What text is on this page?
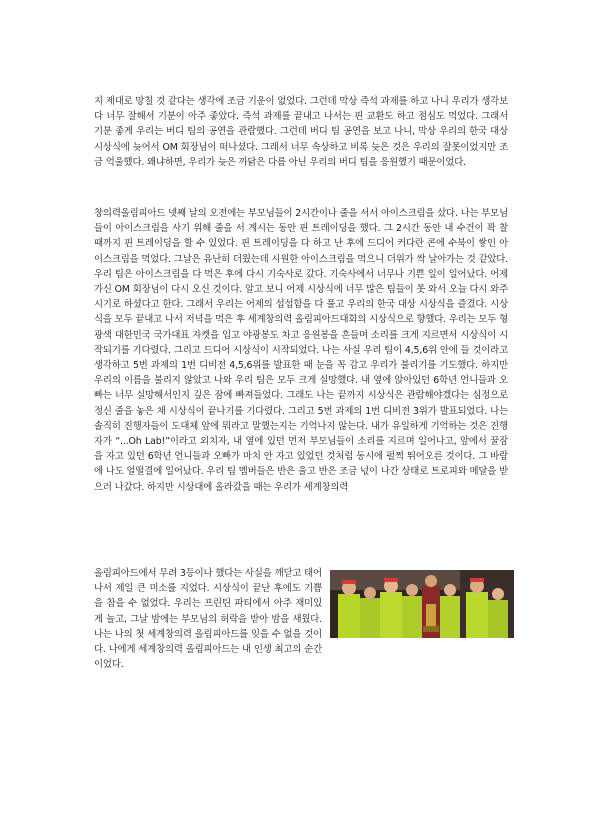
지 제대로 망칠 것 같다는 생각에 조금 기운이 없었다. 그런데 막상 즉석 과제를 하고 나니 우리가 생각보다 너무 잘해서 기분이 아주 좋았다. 즉석 과제를 끝내고 나서는 핀 교환도 하고 점심도 먹었다. 그래서 기분 좋게 우리는 버디 팀의 공연을 관람했다. 그런데 버디 팀 공연을 보고 나니, 막상 우리의 한국 대상 시상식에 늦어서 OM 회장님이 떠나셨다. 그래서 너무 속상하고 비록 늦은 것은 우리의 잘못이었지만 조금 억울했다. 왜냐하면, 우리가 늦은 까닭은 다름 아닌 우리의 버디 팀을 응원했기 때문이었다.
창의력올림피아드 넷째 날의 오전에는 부모님들이 2시간이나 줄을 서서 아이스크림을 샀다. 나는 부모님들이 아이스크림을 사기 위해 줄을 서 계시는 동안 핀 트레이딩을 했다. 그 2시간 동안 내 수건이 꽉 찰 때까지 핀 트레이딩을 할 수 있었다. 핀 트레이딩을 다 하고 난 후에 드디어 커다란 콘에 수북이 쌓인 아이스크림을 먹었다. 그날은 유난히 더웠는데 시원한 아이스크림을 먹으니 더위가 싹 날아가는 것 같았다. 우리 팀은 아이스크림을 다 먹은 후에 다시 기숙사로 갔다. 기숙사에서 너무나 기쁜 일이 일어났다. 어제 가신 OM 회장님이 다시 오신 것이다. 알고 보니 어제 시상식에 너무 많은 팀들이 못 와서 오늘 다시 와주시기로 하셨다고 한다. 그래서 우리는 어제의 섭섭함을 다 풀고 우리의 한국 대상 시상식을 즐겼다. 시상식을 모두 끝내고 나서 저녁을 먹은 후 세계창의력 올림피아드대회의 시상식으로 향했다. 우리는 모두 형광색 대한민국 국가대표 자켓을 입고 야광봉도 차고 응원봉을 흔들며 소리를 크게 지르면서 시상식이 시작되기를 기다렸다. 그리고 드디어 시상식이 시작되었다. 나는 사실 우리 팀이 4,5,6위 안에 들 것이라고 생각하고 5번 과제의 1번 디비전 4,5,6위를 발표한 때 눈을 꼭 감고 우리가 불리기를 기도했다. 하지만 우리의 이름을 불리지 않았고 나와 우리 팀은 모두 크게 실망했다. 내 옆에 앉아있던 6학년 언니들과 오빠는 너무 실망해서인지 깊은 잠에 빠져들었다. 그래도 나는 끝까지 시상식은 관람해야겠다는 심정으로 정신 줄을 놓은 채 시상식이 끝나기를 기다렸다. 그리고 5번 과제의 1번 디비전 3위가 발표되었다. 나는 솔직히 진행자들이 도대체 앞에 뭐라고 말했는지는 기억나지 않는다. 내가 유일하게 기억하는 것은 진행자가 “...Oh Lab!”이라고 외치자, 내 옆에 있던 먼저 부모님들이 소리를 지르며 일어나고, 앞에서 꿀잠을 자고 있던 6학년 언니들과 오빠가 마치 안 자고 있었던 것처럼 동시에 펄쩍 뛰어오른 것이다. 그 바람에 나도 얼떨결에 일어났다. 우리 팀 멤버들은 반은 울고 반은 조금 넋이 나간 상태로 트로피와 메달을 받으러 나갔다. 하지만 시상대에 올라갔을 때는 우리가 세계창의력
올림피아드에서 무려 3등이나 했다는 사실을 깨닫고 태어나서 제일 큰 미소를 지었다. 시상식이 끝난 후에도 기쁨을 참을 수 없었다. 우리는 프린틴 파티에서 아주 재미있게 놀고, 그날 밤에는 부모님의 허락을 받아 밤을 새웠다. 나는 나의 첫 세계창의력 올림피아드를 잊을 수 없을 것이다. 나에게 세계창의력 올림피아드는 내 인생 최고의 순간이었다.
